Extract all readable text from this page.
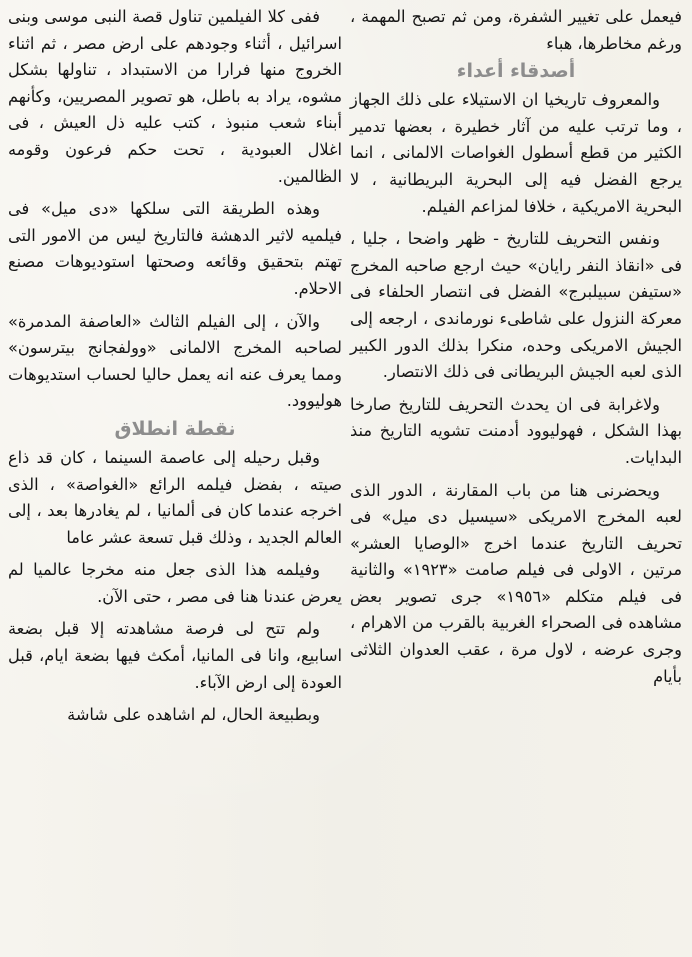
فيعمل على تغيير الشفرة، ومن ثم تصبح المهمة ، ورغم مخاطرها، هباء

أصدقاء أعداء

والمعروف تاريخيا ان الاستيلاء على ذلك الجهاز ، وما ترتب عليه من آثار خطيرة ، بعضها تدمير الكثير من قطع أسطول الغواصات الالمانى ، انما يرجع الفضل فيه إلى البحرية البريطانية ، لا البحرية الامريكية ، خلافا لمزاعم الفيلم.

ونفس التحريف للتاريخ - ظهر واضحا ، جليا ، فى «انقاذ النفر رايان» حيث ارجع صاحبه المخرج «ستيفن سبيلبرج» الفضل فى انتصار الحلفاء فى معركة النزول على شاطىء نورماندى ، ارجعه إلى الجيش الامريكى وحده، منكرا بذلك الدور الكبير الذى لعبه الجيش البريطانى فى ذلك الانتصار.

ولاغرابة فى ان يحدث التحريف للتاريخ صارخا بهذا الشكل ، فهوليوود أدمنت تشويه التاريخ منذ البدايات.

ويحضرنى هنا من باب المقارنة ، الدور الذى لعبه المخرج الامريكى «سيسيل دى ميل» فى تحريف التاريخ عندما اخرج «الوصايا العشر» مرتين ، الاولى فى فيلم صامت «١٩٢٣» والثانية فى فيلم متكلم «١٩٥٦» جرى تصوير بعض مشاهده فى الصحراء الغربية بالقرب من الاهرام ، وجرى عرضه ، لاول مرة ، عقب العدوان الثلاثى بأيام

ففى كلا الفيلمين تناول قصة النبى موسى وبنى اسرائيل ، أثناء وجودهم على ارض مصر ، ثم اثناء الخروج منها فرارا من الاستبداد ، تناولها بشكل مشوه، يراد به باطل، هو تصوير المصريين، وكأنهم أبناء شعب منبوذ ، كتب عليه ذل العيش ، فى اغلال العبودية ، تحت حكم فرعون وقومه الظالمين.

وهذه الطريقة التى سلكها «دى ميل» فى فيلميه لاثير الدهشة فالتاريخ ليس من الامور التى تهتم بتحقيق وقائعه وصحتها استوديوهات مصنع الاحلام.

والآن ، إلى الفيلم الثالث «العاصفة المدمرة» لصاحبه المخرج الالمانى «وولفجانج بيترسون» ومما يعرف عنه انه يعمل حاليا لحساب استديوهات هوليوود.

نقطة انطلاق

وقبل رحيله إلى عاصمة السينما ، كان قد ذاع صيته ، بفضل فيلمه الرائع «الغواصة» ، الذى اخرجه عندما كان فى ألمانيا ، لم يغادرها بعد ، إلى العالم الجديد ، وذلك قبل تسعة عشر عاما

وفيلمه هذا الذى جعل منه مخرجا عالميا لم يعرض عندنا هنا فى مصر ، حتى الآن.

ولم تتح لى فرصة مشاهدته إلا قبل بضعة اسابيع، وانا فى المانيا، أمكث فيها بضعة ايام، قبل العودة إلى ارض الآباء.

وبطبيعة الحال، لم اشاهده على شاشة
